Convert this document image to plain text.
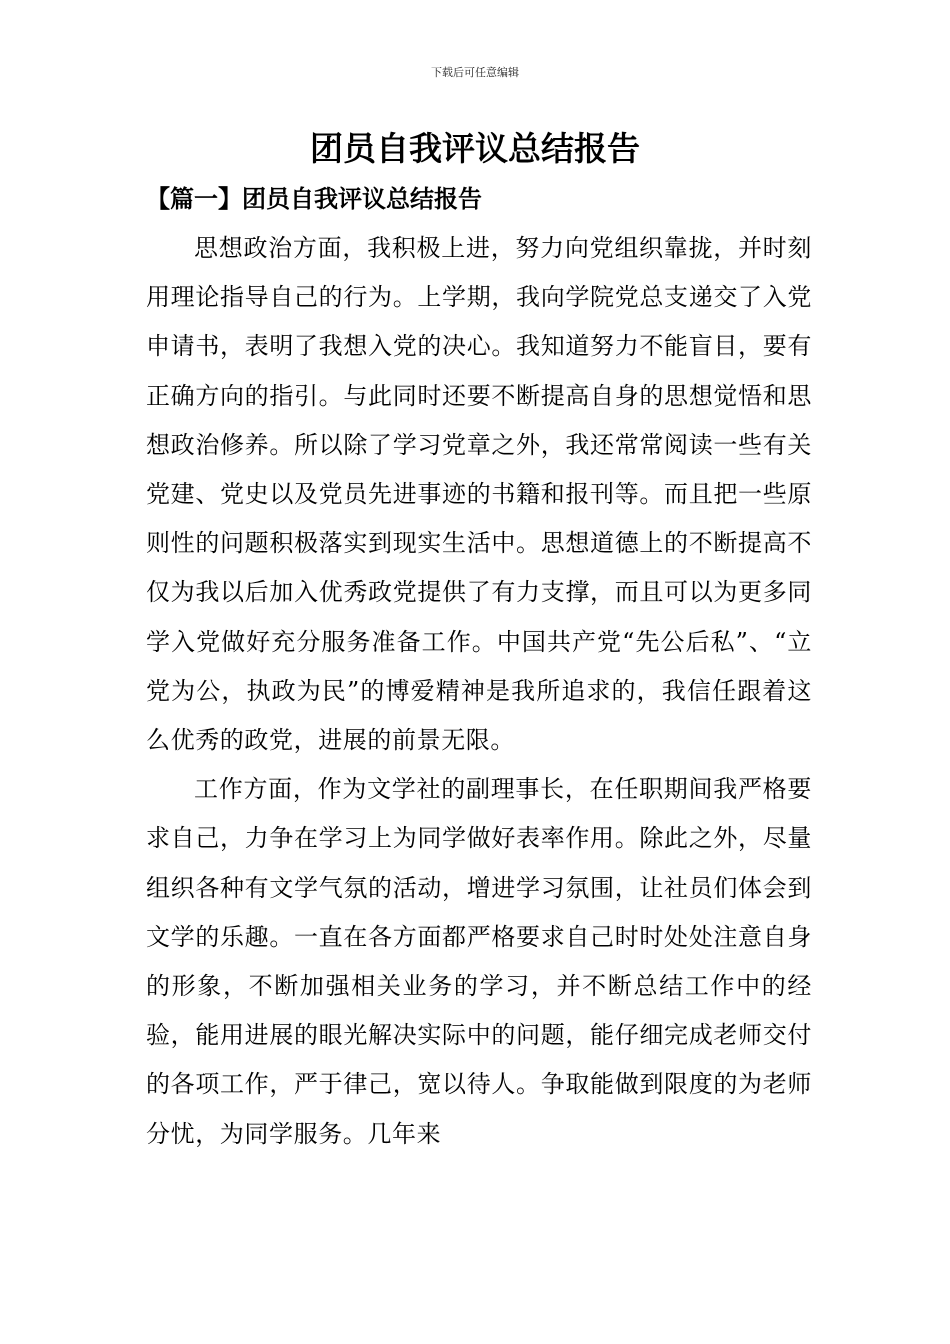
下载后可任意编辑
团员自我评议总结报告
【篇一】团员自我评议总结报告

思想政治方面，我积极上进，努力向党组织靠拢，并时刻用理论指导自己的行为。上学期，我向学院党总支递交了入党申请书，表明了我想入党的决心。我知道努力不能盲目，要有正确方向的指引。与此同时还要不断提高自身的思想觉悟和思想政治修养。所以除了学习党章之外，我还常常阅读一些有关党建、党史以及党员先进事迹的书籍和报刊等。而且把一些原则性的问题积极落实到现实生活中。思想道德上的不断提高不仅为我以后加入优秀政党提供了有力支撑，而且可以为更多同学入党做好充分服务准备工作。中国共产党“先公后私”、“立党为公，执政为民”的博爱精神是我所追求的，我信任跟着这么优秀的政党，进展的前景无限。

工作方面，作为文学社的副理事长，在任职期间我严格要求自己，力争在学习上为同学做好表率作用。除此之外，尽量组织各种有文学气氛的活动，增进学习氛围，让社员们体会到文学的乐趣。一直在各方面都严格要求自己时时处处注意自身的形象，不断加强相关业务的学习，并不断总结工作中的经验，能用进展的眼光解决实际中的问题，能仔细完成老师交付的各项工作，严于律己，宽以待人。争取能做到限度的为老师分忧，为同学服务。几年来
